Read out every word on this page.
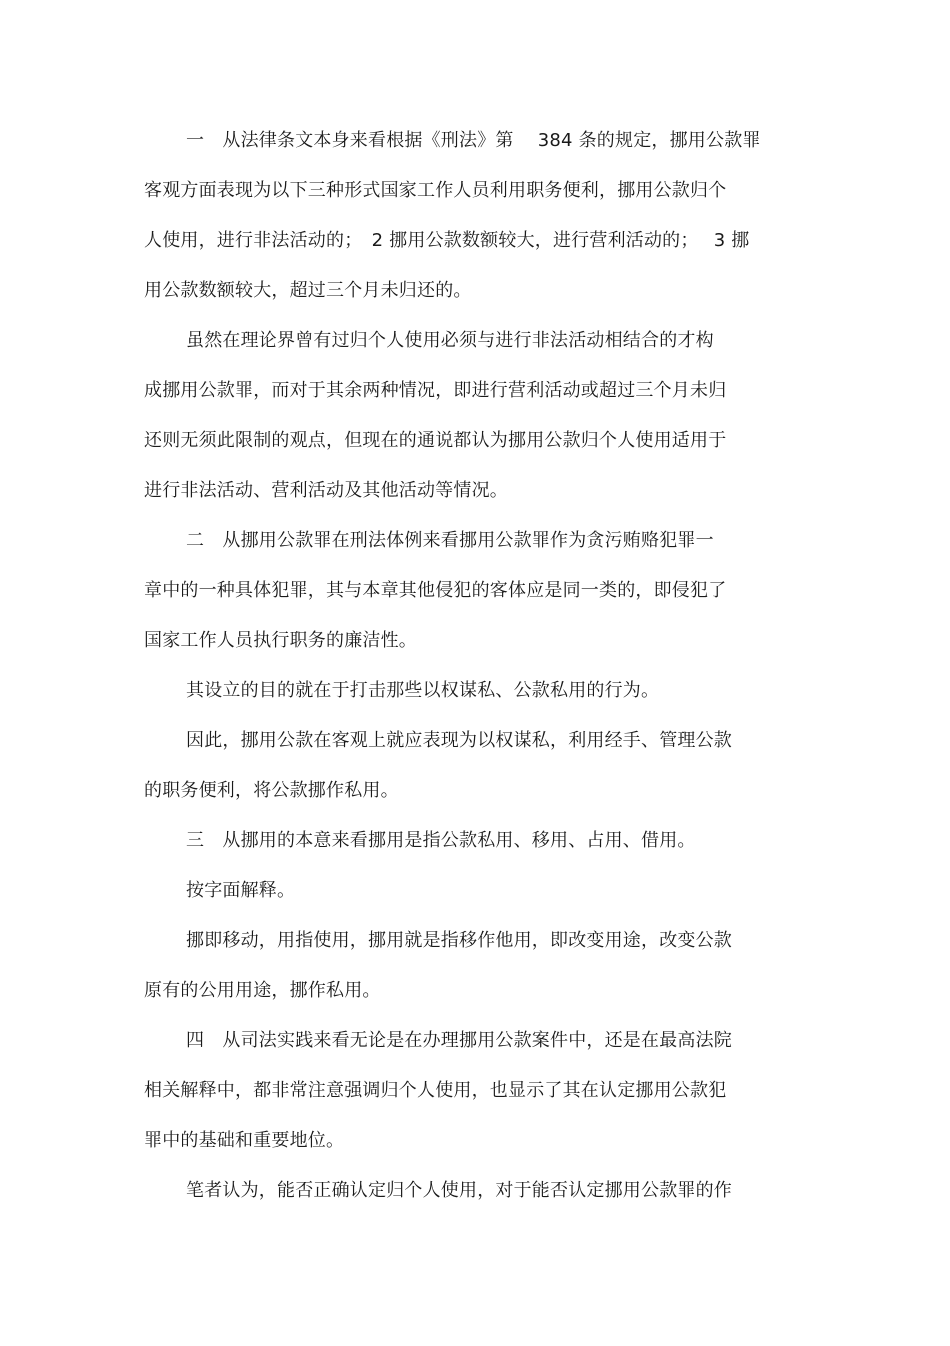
一　从法律条文本身来看根据《刑法》第　 384 条的规定，挪用公款罪
客观方面表现为以下三种形式国家工作人员利用职务便利，挪用公款归个
人使用，进行非法活动的；　2 挪用公款数额较大，进行营利活动的；　 3 挪
用公款数额较大，超过三个月未归还的。
虽然在理论界曾有过归个人使用必须与进行非法活动相结合的才构
成挪用公款罪，而对于其余两种情况，即进行营利活动或超过三个月未归
还则无须此限制的观点，但现在的通说都认为挪用公款归个人使用适用于
进行非法活动、营利活动及其他活动等情况。
二　从挪用公款罪在刑法体例来看挪用公款罪作为贪污贿赂犯罪一
章中的一种具体犯罪，其与本章其他侵犯的客体应是同一类的，即侵犯了
国家工作人员执行职务的廉洁性。
其设立的目的就在于打击那些以权谋私、公款私用的行为。
因此，挪用公款在客观上就应表现为以权谋私，利用经手、管理公款
的职务便利，将公款挪作私用。
三　从挪用的本意来看挪用是指公款私用、移用、占用、借用。
按字面解释。
挪即移动，用指使用，挪用就是指移作他用，即改变用途，改变公款
原有的公用用途，挪作私用。
四　从司法实践来看无论是在办理挪用公款案件中，还是在最高法院
相关解释中，都非常注意强调归个人使用，也显示了其在认定挪用公款犯
罪中的基础和重要地位。
笔者认为，能否正确认定归个人使用，对于能否认定挪用公款罪的作
